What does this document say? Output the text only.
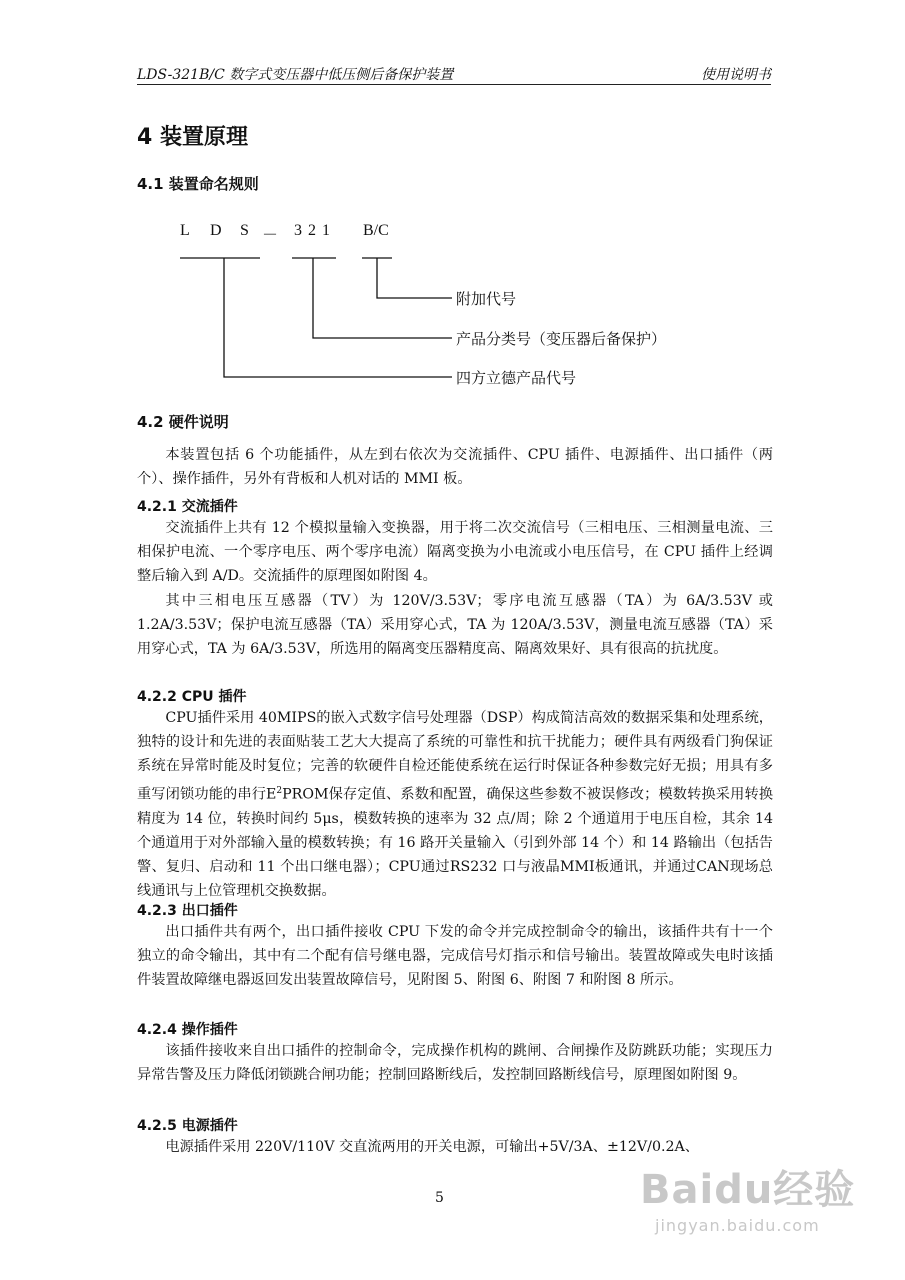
LDS-321B/C 数字式变压器中低压侧后备保护装置	使用说明书
4 装置原理
4.1 装置命名规则
L D S － 3 2 1 B/C
附加代号
产品分类号（变压器后备保护）
四方立德产品代号
4.2 硬件说明
本装置包括 6 个功能插件，从左到右依次为交流插件、CPU 插件、电源插件、出口插件（两个）、操作插件，另外有背板和人机对话的 MMI 板。
4.2.1 交流插件
交流插件上共有 12 个模拟量输入变换器，用于将二次交流信号（三相电压、三相测量电流、三相保护电流、一个零序电压、两个零序电流）隔离变换为小电流或小电压信号，在 CPU 插件上经调整后输入到 A/D。交流插件的原理图如附图 4。
其中三相电压互感器（TV）为 120V/3.53V；零序电流互感器（TA）为 6A/3.53V 或 1.2A/3.53V；保护电流互感器（TA）采用穿心式，TA 为 120A/3.53V，测量电流互感器（TA）采用穿心式，TA 为 6A/3.53V，所选用的隔离变压器精度高、隔离效果好、具有很高的抗扰度。
4.2.2 CPU 插件
CPU插件采用 40MIPS的嵌入式数字信号处理器（DSP）构成简洁高效的数据采集和处理系统，独特的设计和先进的表面贴装工艺大大提高了系统的可靠性和抗干扰能力；硬件具有两级看门狗保证系统在异常时能及时复位；完善的软硬件自检还能使系统在运行时保证各种参数完好无损；用具有多重写闭锁功能的串行$E^2PROM$保存定值、系数和配置，确保这些参数不被误修改；模数转换采用转换精度为 14 位，转换时间约 5μs，模数转换的速率为 32 点/周；除 2 个通道用于电压自检，其余 14 个通道用于对外部输入量的模数转换；有 16 路开关量输入（引到外部 14 个）和 14 路输出（包括告警、复归、启动和 11 个出口继电器）；CPU通过RS232 口与液晶MMI板通讯，并通过CAN现场总线通讯与上位管理机交换数据。
4.2.3 出口插件
出口插件共有两个，出口插件接收 CPU 下发的命令并完成控制命令的输出，该插件共有十一个独立的命令输出，其中有二个配有信号继电器，完成信号灯指示和信号输出。装置故障或失电时该插件装置故障继电器返回发出装置故障信号，见附图 5、附图 6、附图 7 和附图 8 所示。
4.2.4 操作插件
该插件接收来自出口插件的控制命令，完成操作机构的跳闸、合闸操作及防跳跃功能；实现压力异常告警及压力降低闭锁跳合闸功能；控制回路断线后，发控制回路断线信号，原理图如附图 9。
4.2.5 电源插件
电源插件采用 220V/110V 交直流两用的开关电源，可输出+5V/3A、±12V/0.2A、
5	Baidu经验
jingyan.baidu.com
